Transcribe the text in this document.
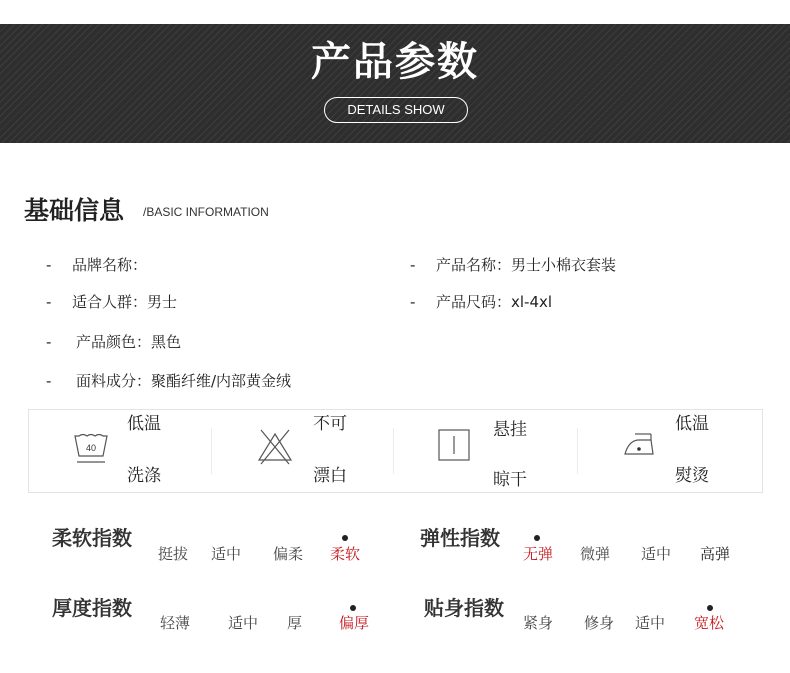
产品参数
DETAILS SHOW
基础信息 /BASIC INFORMATION
- 品牌名称：
- 适合人群：男士
- 产品颜色：黑色
- 面料成分：聚酯纤维/内部黄金绒
- 产品名称：男士小棉衣套装
- 产品尺码：xl-4xl
40
低温
洗涤
不可
漂白
悬挂
晾干
低温
熨烫
柔软指数
挺拔 适中 偏柔 柔软
弹性指数
无弹 微弹 适中 高弹
厚度指数
轻薄	适中 厚 偏厚
贴身指数
紧身 修身 适中 宽松
